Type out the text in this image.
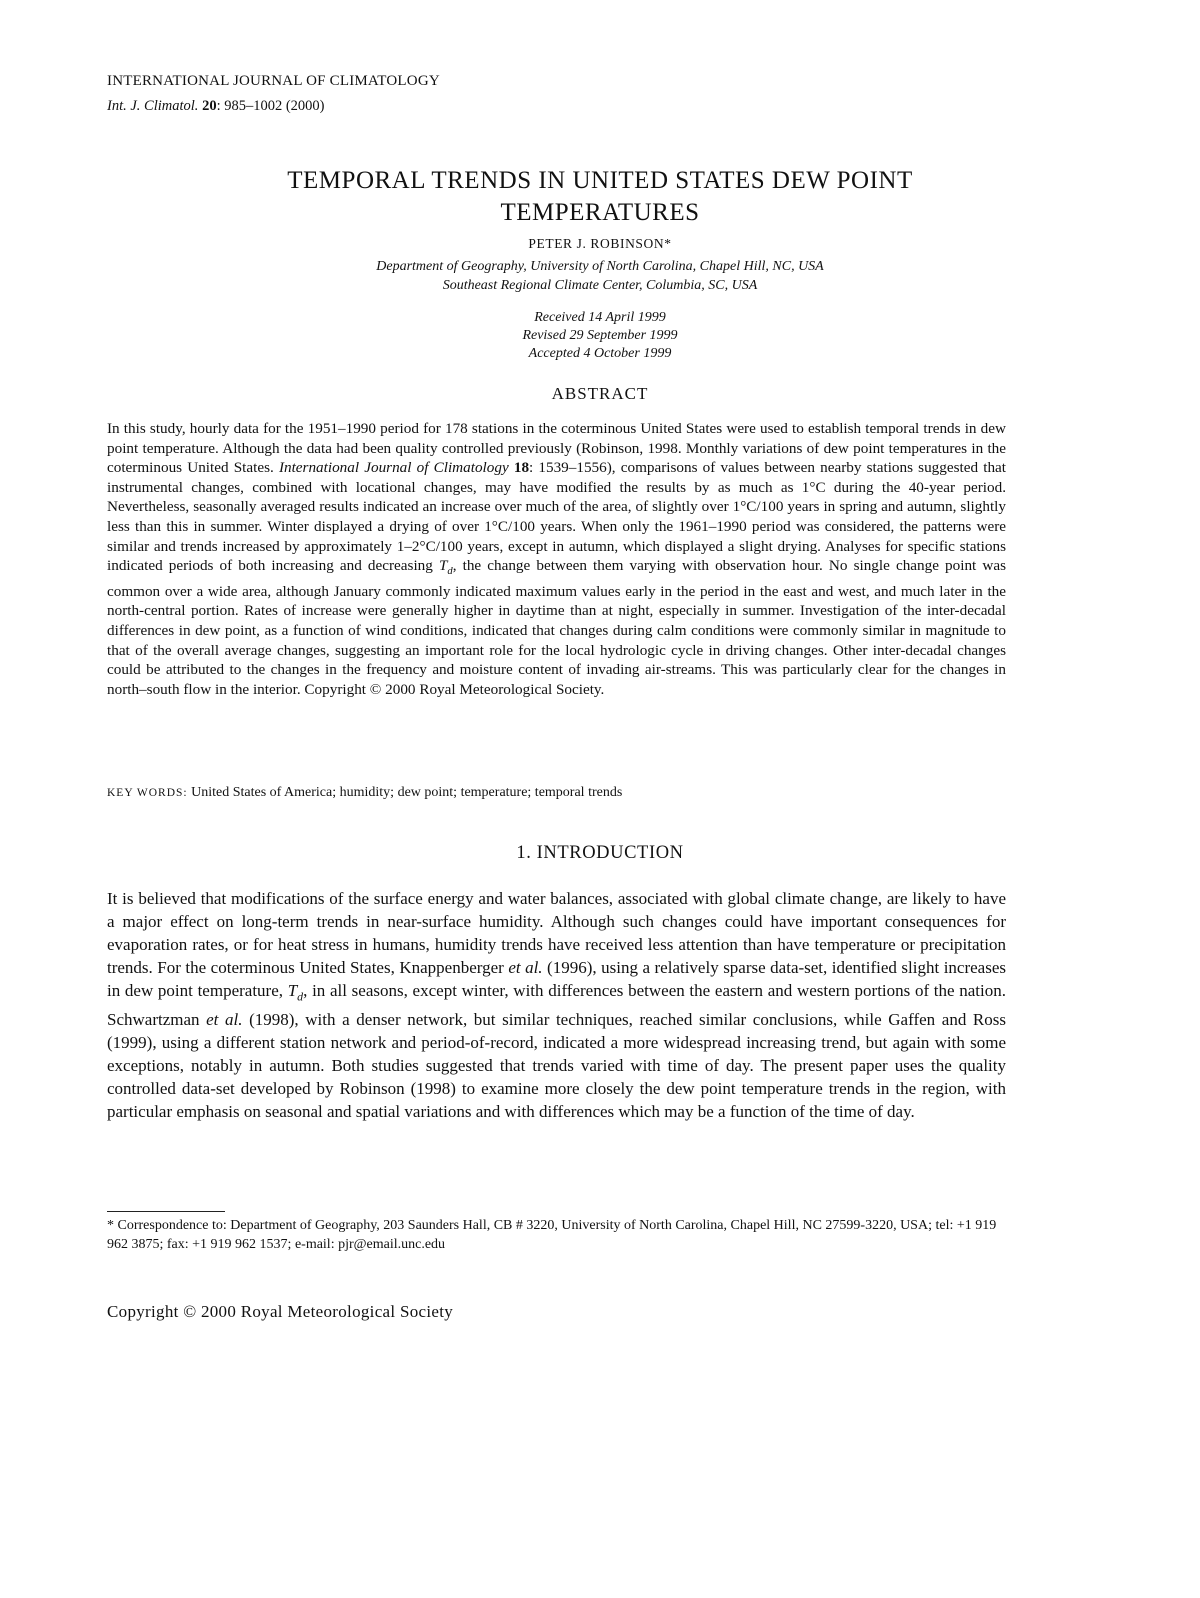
INTERNATIONAL JOURNAL OF CLIMATOLOGY
Int. J. Climatol. 20: 985–1002 (2000)
TEMPORAL TRENDS IN UNITED STATES DEW POINT
TEMPERATURES
PETER J. ROBINSON*
Department of Geography, University of North Carolina, Chapel Hill, NC, USA
Southeast Regional Climate Center, Columbia, SC, USA
Received 14 April 1999
Revised 29 September 1999
Accepted 4 October 1999
ABSTRACT
In this study, hourly data for the 1951–1990 period for 178 stations in the coterminous United States were used to establish temporal trends in dew point temperature. Although the data had been quality controlled previously (Robinson, 1998. Monthly variations of dew point temperatures in the coterminous United States. International Journal of Climatology 18: 1539–1556), comparisons of values between nearby stations suggested that instrumental changes, combined with locational changes, may have modified the results by as much as 1°C during the 40-year period. Nevertheless, seasonally averaged results indicated an increase over much of the area, of slightly over 1°C/100 years in spring and autumn, slightly less than this in summer. Winter displayed a drying of over 1°C/100 years. When only the 1961–1990 period was considered, the patterns were similar and trends increased by approximately 1–2°C/100 years, except in autumn, which displayed a slight drying. Analyses for specific stations indicated periods of both increasing and decreasing $T_d$, the change between them varying with observation hour. No single change point was common over a wide area, although January commonly indicated maximum values early in the period in the east and west, and much later in the north-central portion. Rates of increase were generally higher in daytime than at night, especially in summer. Investigation of the inter-decadal differences in dew point, as a function of wind conditions, indicated that changes during calm conditions were commonly similar in magnitude to that of the overall average changes, suggesting an important role for the local hydrologic cycle in driving changes. Other inter-decadal changes could be attributed to the changes in the frequency and moisture content of invading air-streams. This was particularly clear for the changes in north–south flow in the interior. Copyright © 2000 Royal Meteorological Society.
KEY WORDS: United States of America; humidity; dew point; temperature; temporal trends
1. INTRODUCTION
It is believed that modifications of the surface energy and water balances, associated with global climate change, are likely to have a major effect on long-term trends in near-surface humidity. Although such changes could have important consequences for evaporation rates, or for heat stress in humans, humidity trends have received less attention than have temperature or precipitation trends. For the coterminous United States, Knappenberger et al. (1996), using a relatively sparse data-set, identified slight increases in dew point temperature, $T_d$, in all seasons, except winter, with differences between the eastern and western portions of the nation. Schwartzman et al. (1998), with a denser network, but similar techniques, reached similar conclusions, while Gaffen and Ross (1999), using a different station network and period-of-record, indicated a more widespread increasing trend, but again with some exceptions, notably in autumn. Both studies suggested that trends varied with time of day. The present paper uses the quality controlled data-set developed by Robinson (1998) to examine more closely the dew point temperature trends in the region, with particular emphasis on seasonal and spatial variations and with differences which may be a function of the time of day.
* Correspondence to: Department of Geography, 203 Saunders Hall, CB # 3220, University of North Carolina, Chapel Hill, NC 27599-3220, USA; tel: +1 919 962 3875; fax: +1 919 962 1537; e-mail: pjr@email.unc.edu
Copyright © 2000 Royal Meteorological Society
